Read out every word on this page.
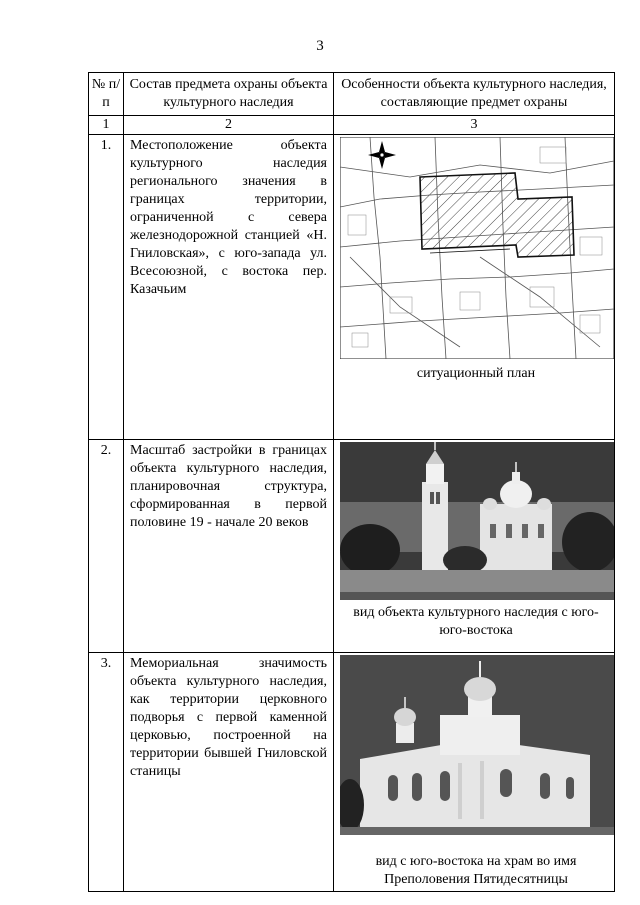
3
№ п/п	Состав предмета охраны объекта культурного наследия	Особенности объекта культурного наследия, составляющие предмет охраны
1	2	3
1.	Местоположение объекта культурного наследия регионального значения в границах территории, ограниченной с севера железнодорожной станцией «Н. Гниловская», с юго-запада ул. Всесоюзной, с востока пер. Казачьим	ситуационный план

2.	Масштаб застройки в границах объекта культурного наследия, планировочная структура, сформированная в первой половине 19 - начале 20 веков	вид объекта культурного наследия с юго-юго-востока

3.	Мемориальная значимость объекта культурного наследия, как территории церковного подворья с первой каменной церковью, построенной на территории бывшей Гниловской станицы	вид с юго-востока на храм во имя Преполовения Пятидесятницы
